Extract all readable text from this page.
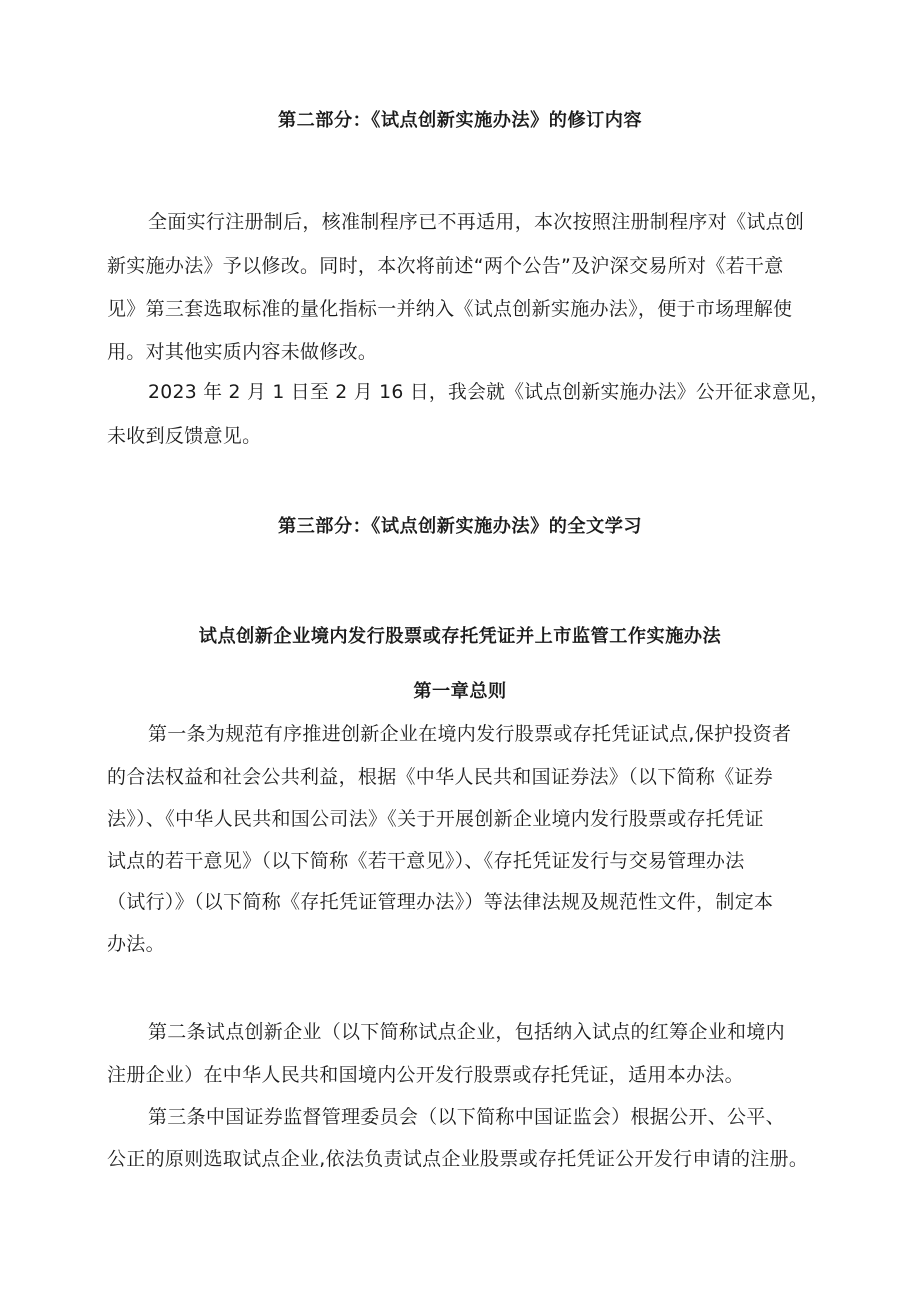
第二部分：《试点创新实施办法》的修订内容
全面实行注册制后，核准制程序已不再适用，本次按照注册制程序对《试点创
新实施办法》予以修改。同时，本次将前述“两个公告”及沪深交易所对《若干意
见》第三套选取标准的量化指标一并纳入《试点创新实施办法》，便于市场理解使
用。对其他实质内容未做修改。
2023 年 2 月 1 日至 2 月 16 日，我会就《试点创新实施办法》公开征求意见，
未收到反馈意见。
第三部分：《试点创新实施办法》的全文学习
试点创新企业境内发行股票或存托凭证并上市监管工作实施办法
第一章总则
第一条为规范有序推进创新企业在境内发行股票或存托凭证试点,保护投资者
的合法权益和社会公共利益，根据《中华人民共和国证券法》（以下简称《证券
法》）、《中华人民共和国公司法》《关于开展创新企业境内发行股票或存托凭证
试点的若干意见》（以下简称《若干意见》）、《存托凭证发行与交易管理办法
（试行）》（以下简称《存托凭证管理办法》）等法律法规及规范性文件，制定本
办法。
第二条试点创新企业（以下简称试点企业，包括纳入试点的红筹企业和境内
注册企业）在中华人民共和国境内公开发行股票或存托凭证，适用本办法。
第三条中国证券监督管理委员会（以下简称中国证监会）根据公开、公平、
公正的原则选取试点企业,依法负责试点企业股票或存托凭证公开发行申请的注册。
